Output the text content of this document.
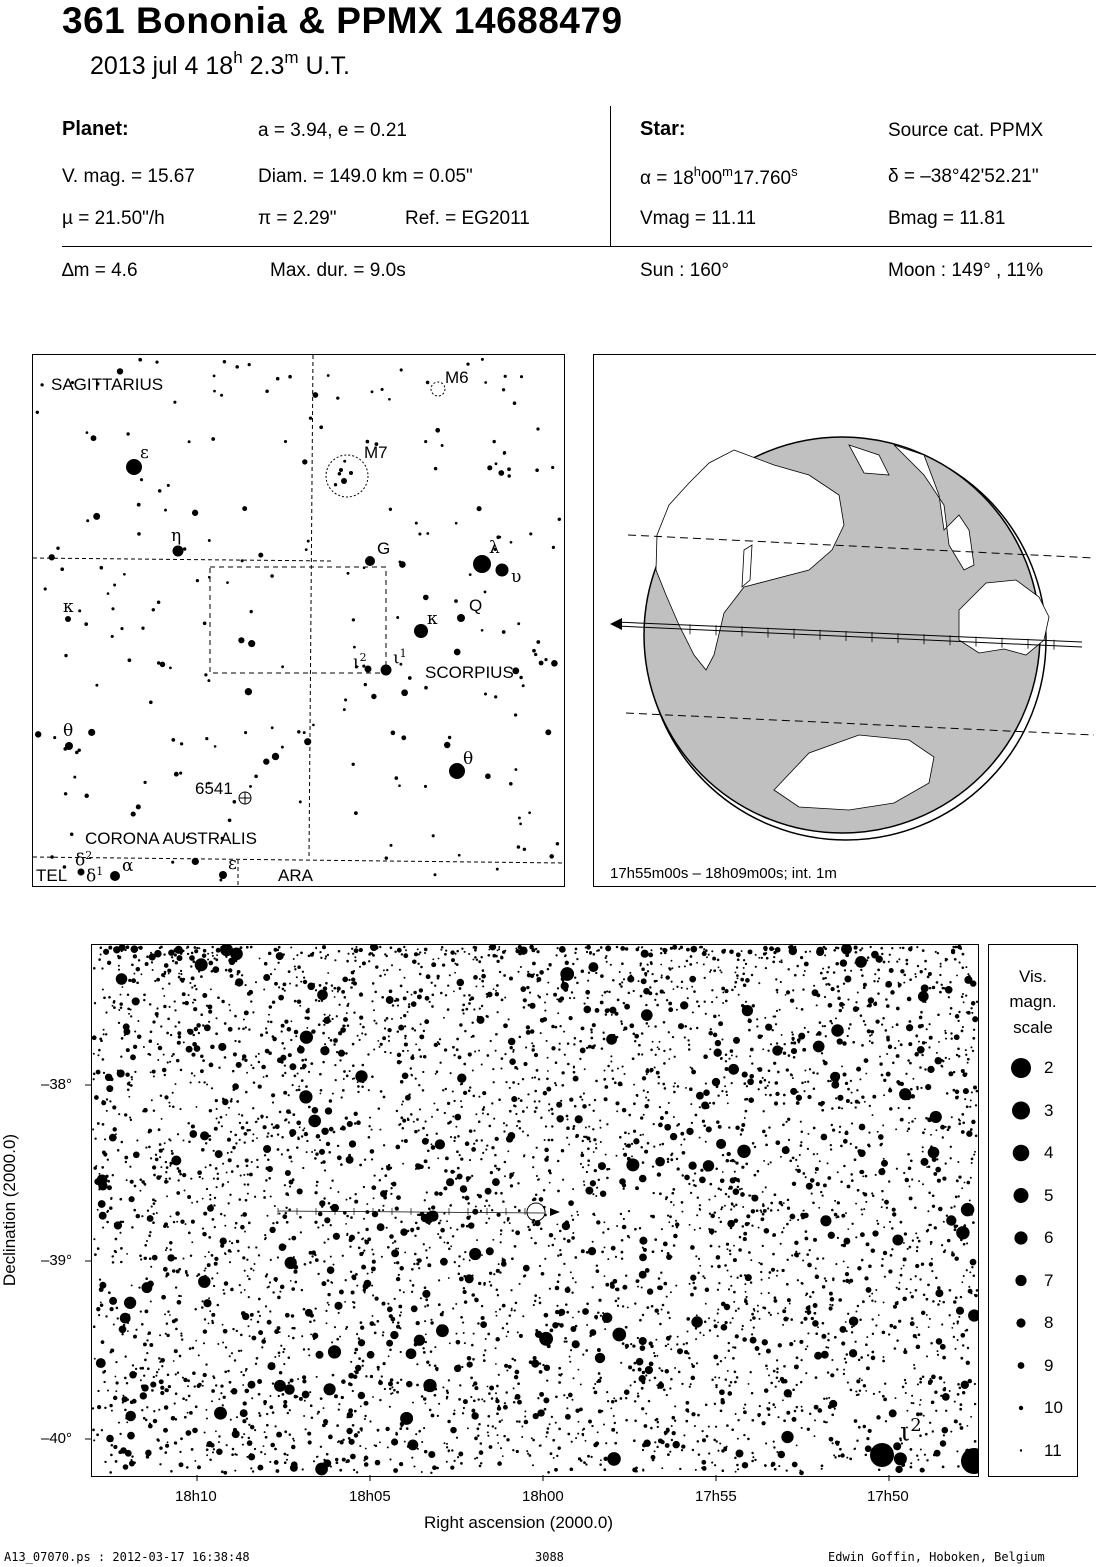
361 Bononia & PPMX 14688479
2013 jul 4 18$^h$ 2.3$^m$ U.T.
Planet:	a = 3.94, e = 0.21
V. mag. = 15.67	Diam. = 149.0 km = 0.05"
µ = 21.50"/h	π = 2.29"	Ref. = EG2011
Star:	Source cat. PPMX
$\alpha = 18^h00^m17.760^s$	δ = –38°42'52.21"
Vmag = 11.11	Bmag = 11.81
∆m = 4.6	Max. dur. = 9.0s	Sun : 160°	Moon : 149° , 11%
SAGITTARIUS
SCORPIUS
CORONA AUSTRALIS
TEL	ARA
M6
M7
6541
ε
η
κ
θ
λ
υ
κ
θ
α	ε
$\delta^2$
$\delta^1$
$\iota^2$ $\iota^1$
G
Q
17h55m00s – 18h09m00s; int. 1m
$\iota^2$
Right ascension (2000.0)
Declination (2000.0)
18h10	18h05	18h00	17h55	17h50
–38°
–39°
–40°
Vis.
magn.
scale
2
3
4
5
6
7
8
9
10
11
A13_07070.ps : 2012-03-17 16:38:48	3088	Edwin Goffin, Hoboken, Belgium
